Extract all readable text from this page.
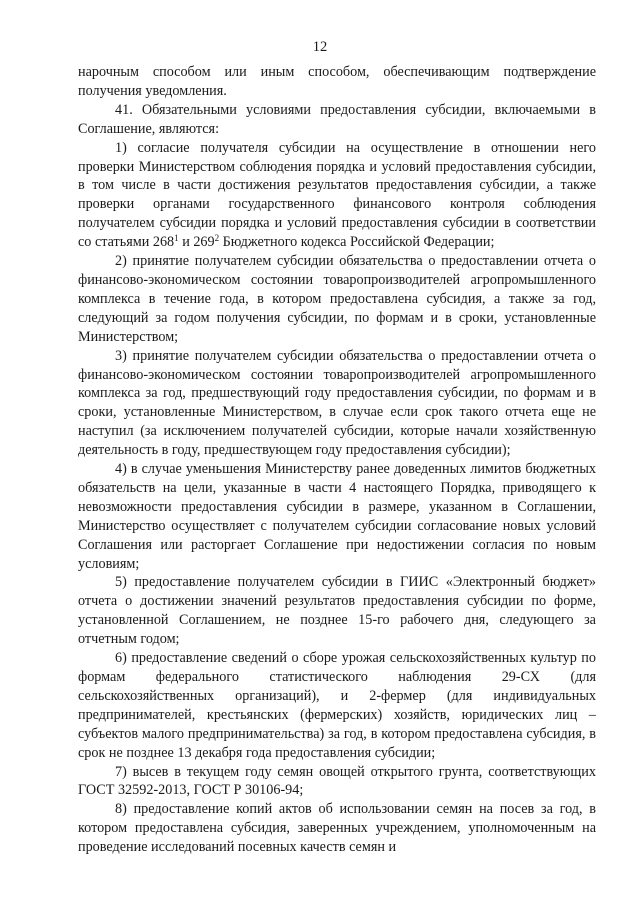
12

нарочным способом или иным способом, обеспечивающим подтверждение получения уведомления.

41. Обязательными условиями предоставления субсидии, включаемыми в Соглашение, являются:

1) согласие получателя субсидии на осуществление в отношении него проверки Министерством соблюдения порядка и условий предоставления субсидии, в том числе в части достижения результатов предоставления субсидии, а также проверки органами государственного финансового контроля соблюдения получателем субсидии порядка и условий предоставления субсидии в соответствии со статьями $268^1$ и $269^2$ Бюджетного кодекса Российской Федерации;

2) принятие получателем субсидии обязательства о предоставлении отчета о финансово-экономическом состоянии товаропроизводителей агропромышленного комплекса в течение года, в котором предоставлена субсидия, а также за год, следующий за годом получения субсидии, по формам и в сроки, установленные Министерством;

3) принятие получателем субсидии обязательства о предоставлении отчета о финансово-экономическом состоянии товаропроизводителей агропромышленного комплекса за год, предшествующий году предоставления субсидии, по формам и в сроки, установленные Министерством, в случае если срок такого отчета еще не наступил (за исключением получателей субсидии, которые начали хозяйственную деятельность в году, предшествующем году предоставления субсидии);

4) в случае уменьшения Министерству ранее доведенных лимитов бюджетных обязательств на цели, указанные в части 4 настоящего Порядка, приводящего к невозможности предоставления субсидии в размере, указанном в Соглашении, Министерство осуществляет с получателем субсидии согласование новых условий Соглашения или расторгает Соглашение при недостижении согласия по новым условиям;

5) предоставление получателем субсидии в ГИИС «Электронный бюджет» отчета о достижении значений результатов предоставления субсидии по форме, установленной Соглашением, не позднее 15-го рабочего дня, следующего за отчетным годом;

6) предоставление сведений о сборе урожая сельскохозяйственных культур по формам федерального статистического наблюдения 29-СХ (для сельскохозяйственных организаций), и 2-фермер (для индивидуальных предпринимателей, крестьянских (фермерских) хозяйств, юридических лиц – субъектов малого предпринимательства) за год, в котором предоставлена субсидия, в срок не позднее 13 декабря года предоставления субсидии;

7) высев в текущем году семян овощей открытого грунта, соответствующих ГОСТ 32592-2013, ГОСТ Р 30106-94;

8) предоставление копий актов об использовании семян на посев за год, в котором предоставлена субсидия, заверенных учреждением, уполномоченным на проведение исследований посевных качеств семян и
